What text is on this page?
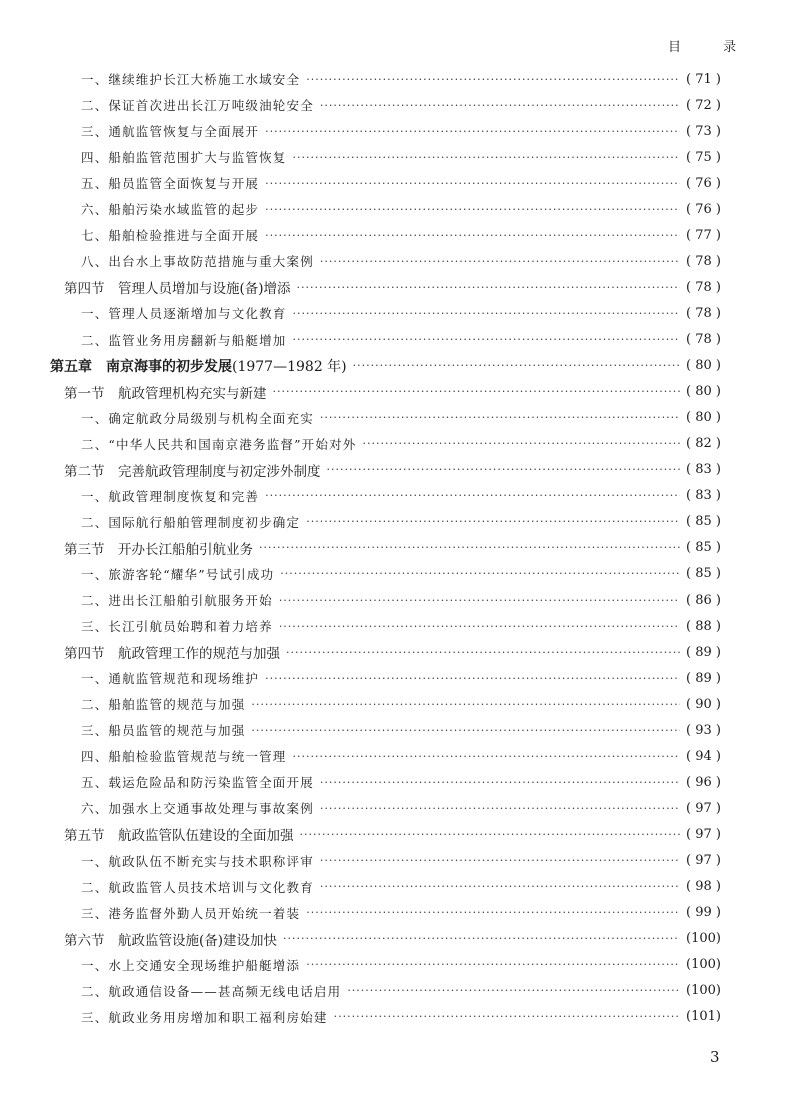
目	录
一、继续维护长江大桥施工水域安全 ·····	( 71 )
二、保证首次进出长江万吨级油轮安全 ·····	( 72 )
三、通航监管恢复与全面展开 ·····	( 73 )
四、船舶监管范围扩大与监管恢复 ·····	( 75 )
五、船员监管全面恢复与开展 ·····	( 76 )
六、船舶污染水域监管的起步 ·····	( 76 )
七、船舶检验推进与全面开展 ·····	( 77 )
八、出台水上事故防范措施与重大案例 ·····	( 78 )
第四节　管理人员增加与设施(备)增添 ·····	( 78 )
一、管理人员逐渐增加与文化教育 ·····	( 78 )
二、监管业务用房翻新与船艇增加 ·····	( 78 )
第五章　南京海事的初步发展(1977—1982 年) ·····	( 80 )
第一节　航政管理机构充实与新建 ·····	( 80 )
一、确定航政分局级别与机构全面充实 ·····	( 80 )
二、“中华人民共和国南京港务监督”开始对外 ·····	( 82 )
第二节　完善航政管理制度与初定涉外制度 ·····	( 83 )
一、航政管理制度恢复和完善 ·····	( 83 )
二、国际航行船舶管理制度初步确定 ·····	( 85 )
第三节　开办长江船舶引航业务 ·····	( 85 )
一、旅游客轮“耀华”号试引成功 ·····	( 85 )
二、进出长江船舶引航服务开始 ·····	( 86 )
三、长江引航员始聘和着力培养 ·····	( 88 )
第四节　航政管理工作的规范与加强 ·····	( 89 )
一、通航监管规范和现场维护 ·····	( 89 )
二、船舶监管的规范与加强 ·····	( 90 )
三、船员监管的规范与加强 ·····	( 93 )
四、船舶检验监管规范与统一管理 ·····	( 94 )
五、载运危险品和防污染监管全面开展 ·····	( 96 )
六、加强水上交通事故处理与事故案例 ·····	( 97 )
第五节　航政监管队伍建设的全面加强 ·····	( 97 )
一、航政队伍不断充实与技术职称评审 ·····	( 97 )
二、航政监管人员技术培训与文化教育 ·····	( 98 )
三、港务监督外勤人员开始统一着装 ·····	( 99 )
第六节　航政监管设施(备)建设加快 ·····	(100)
一、水上交通安全现场维护船艇增添 ·····	(100)
二、航政通信设备——甚高频无线电话启用 ·····	(100)
三、航政业务用房增加和职工福利房始建 ·····	(101)
3
